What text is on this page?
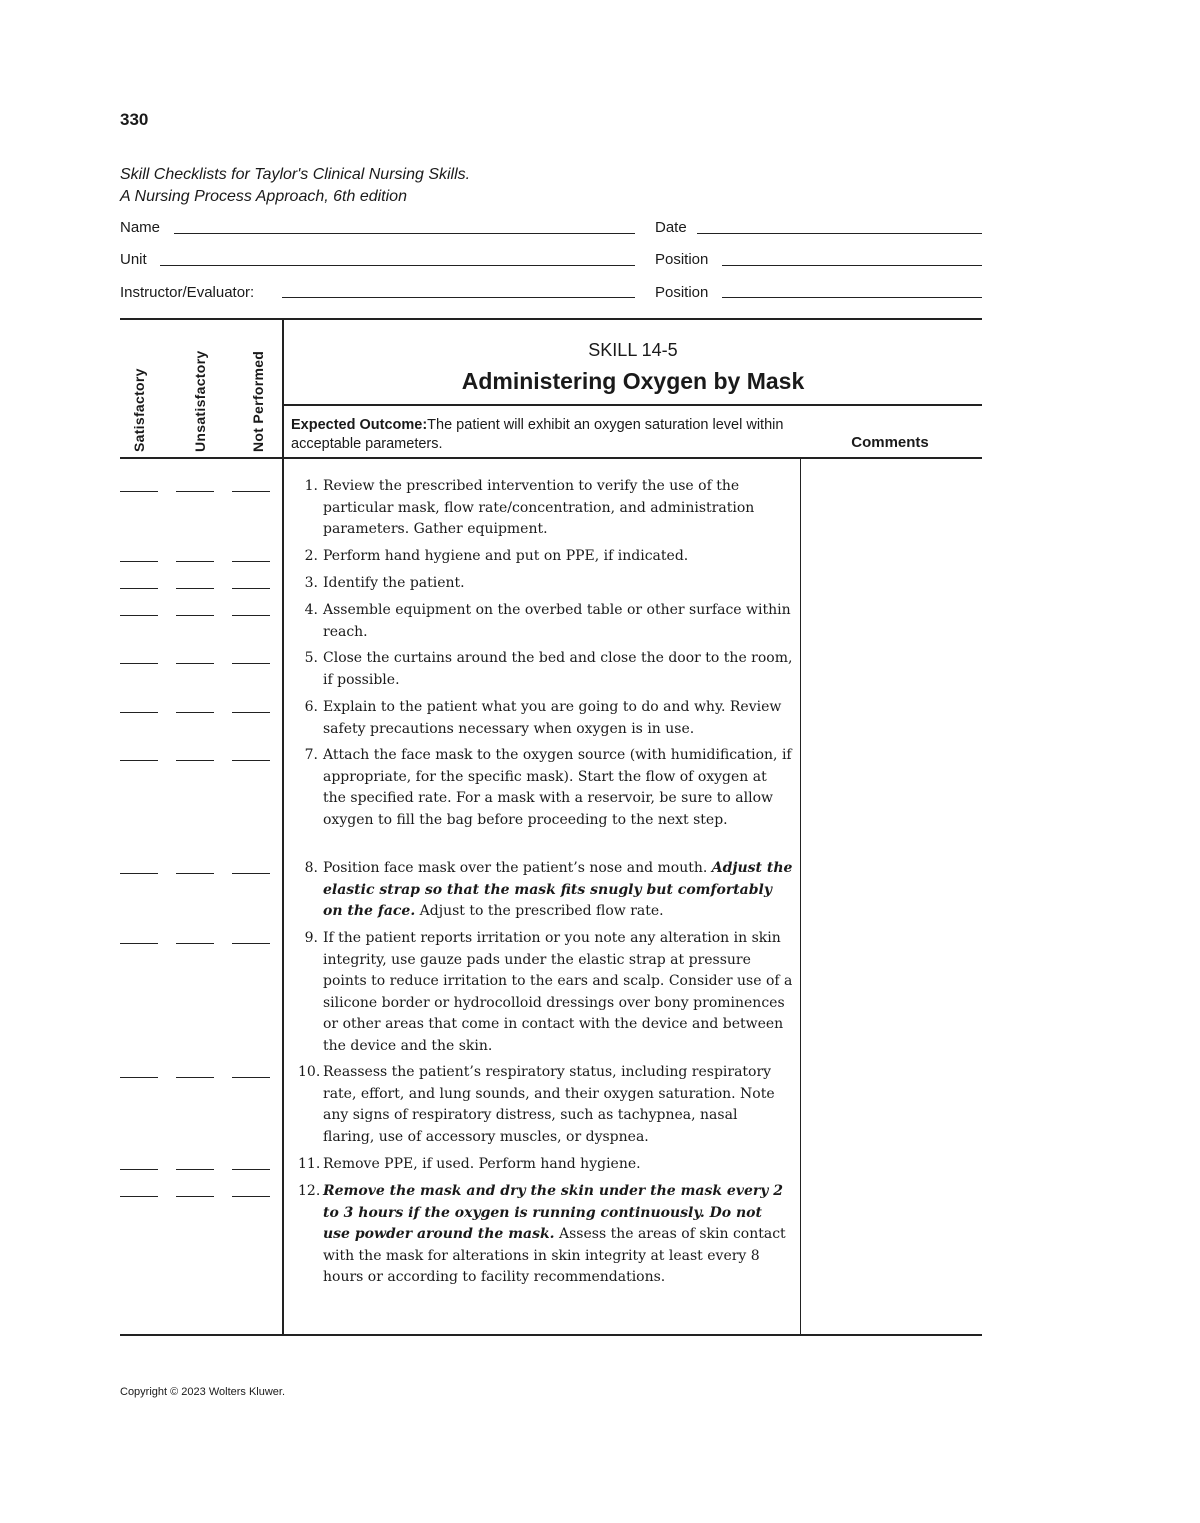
330
Skill Checklists for Taylor's Clinical Nursing Skills.
A Nursing Process Approach, 6th edition
Name	Date
Unit	Position
Instructor/Evaluator:	Position
Satisfactory	Unsatisfactory	Not Performed
SKILL 14-5
Administering Oxygen by Mask
Expected Outcome:The patient will exhibit an oxygen saturation level within acceptable parameters.	Comments
1. Review the prescribed intervention to verify the use of the particular mask, flow rate/concentration, and administration parameters. Gather equipment.
2. Perform hand hygiene and put on PPE, if indicated.
3. Identify the patient.
4. Assemble equipment on the overbed table or other surface within reach.
5. Close the curtains around the bed and close the door to the room, if possible.
6. Explain to the patient what you are going to do and why. Review safety precautions necessary when oxygen is in use.
7. Attach the face mask to the oxygen source (with humidification, if appropriate, for the specific mask). Start the flow of oxygen at the specified rate. For a mask with a reservoir, be sure to allow oxygen to fill the bag before proceeding to the next step.
8. Position face mask over the patient’s nose and mouth. Adjust the elastic strap so that the mask fits snugly but comfortably on the face. Adjust to the prescribed flow rate.
9. If the patient reports irritation or you note any alteration in skin integrity, use gauze pads under the elastic strap at pressure points to reduce irritation to the ears and scalp. Consider use of a silicone border or hydrocolloid dressings over bony prominences or other areas that come in contact with the device and between the device and the skin.
10. Reassess the patient’s respiratory status, including respiratory rate, effort, and lung sounds, and their oxygen saturation. Note any signs of respiratory distress, such as tachypnea, nasal flaring, use of accessory muscles, or dyspnea.
11. Remove PPE, if used. Perform hand hygiene.
12. Remove the mask and dry the skin under the mask every 2 to 3 hours if the oxygen is running continuously. Do not use powder around the mask. Assess the areas of skin contact with the mask for alterations in skin integrity at least every 8 hours or according to facility recommendations.
Copyright © 2023 Wolters Kluwer.
